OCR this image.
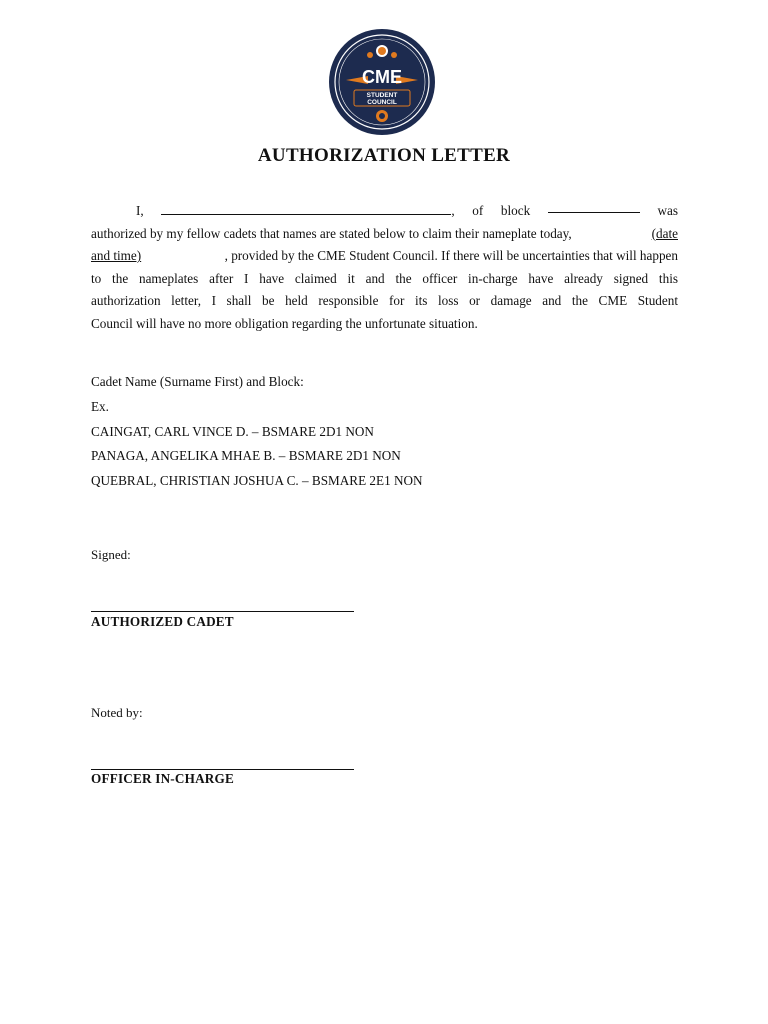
CME
STUDENT
COUNCIL
AUTHORIZATION LETTER
I,	, of block	was
authorized by my fellow cadets that names are stated below to claim their nameplate today,	(date
and time)	, provided by the CME Student Council. If there will be uncertainties that will happen
to the nameplates after I have claimed it and the officer in-charge have already signed this
authorization letter, I shall be held responsible for its loss or damage and the CME Student
Council will have no more obligation regarding the unfortunate situation.
Cadet Name (Surname First) and Block:
Ex.
CAINGAT, CARL VINCE D. – BSMARE 2D1 NON
PANAGA, ANGELIKA MHAE B. – BSMARE 2D1 NON
QUEBRAL, CHRISTIAN JOSHUA C. – BSMARE 2E1 NON
Signed:
AUTHORIZED CADET
Noted by:
OFFICER IN-CHARGE
